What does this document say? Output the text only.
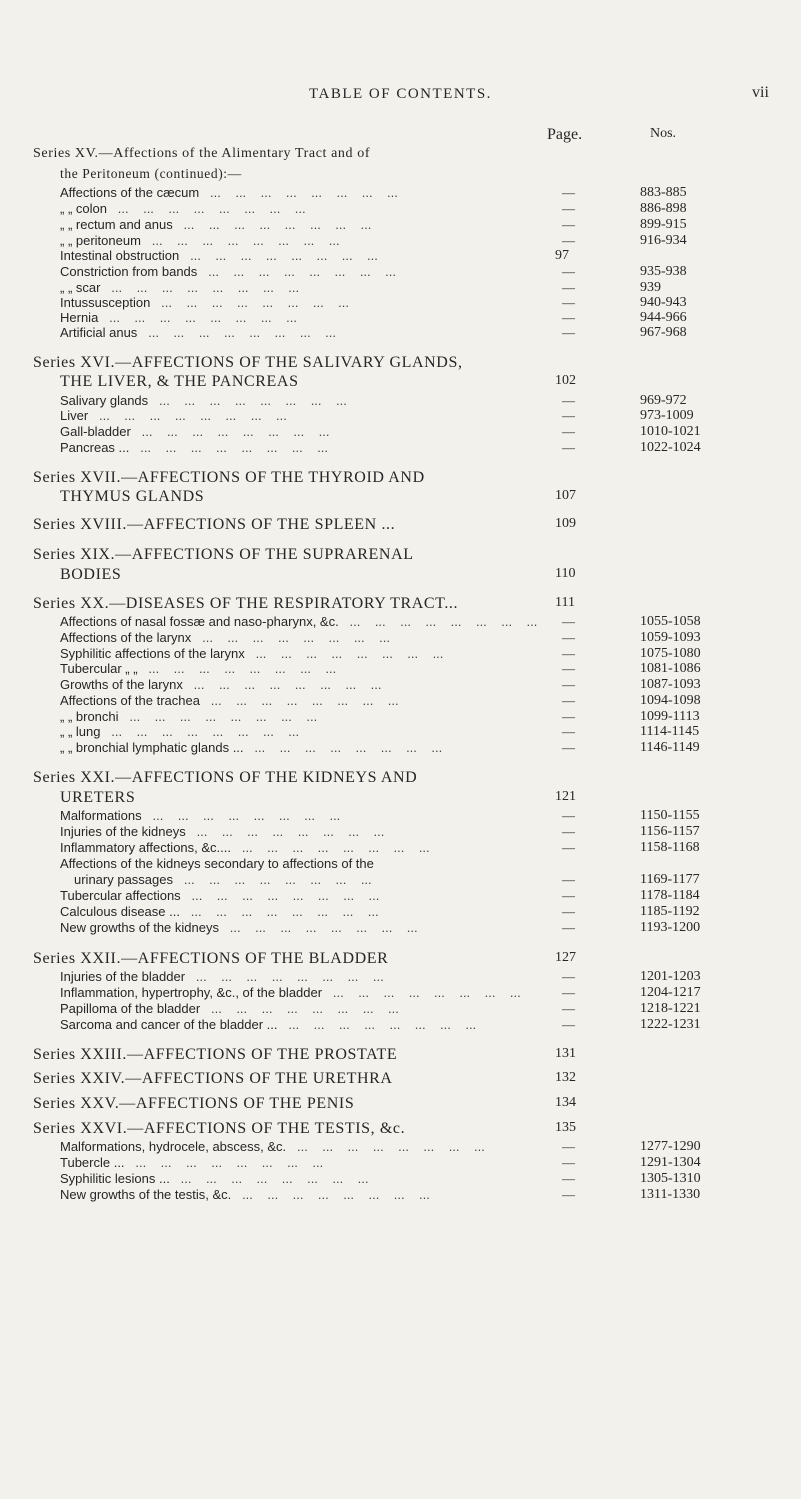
TABLE OF CONTENTS.	vii
Page.	Nos.
Series XV.—Affections of the Alimentary Tract and of
the Peritoneum (continued):—
Affections of the cæcum   ...    ...    ...    ...    ...    ...    ...    ...	—	883-885
„ „ colon   ...    ...    ...    ...    ...    ...    ...    ...	—	886-898
„ „ rectum and anus   ...    ...    ...    ...    ...    ...    ...    ...	—	899-915
„ „ peritoneum   ...    ...    ...    ...    ...    ...    ...    ...	—	916-934
Intestinal obstruction   ...    ...    ...    ...    ...    ...    ...    ...	97
Constriction from bands   ...    ...    ...    ...    ...    ...    ...    ...	—	935-938
„ „ scar   ...    ...    ...    ...    ...    ...    ...    ...	—	939
Intussusception   ...    ...    ...    ...    ...    ...    ...    ...	—	940-943
Hernia   ...    ...    ...    ...    ...    ...    ...    ...	—	944-966
Artificial anus   ...    ...    ...    ...    ...    ...    ...    ...	—	967-968
Series XVI.—AFFECTIONS OF THE SALIVARY GLANDS,
THE LIVER, & THE PANCREAS	102
Salivary glands   ...    ...    ...    ...    ...    ...    ...    ...	—	969-972
Liver   ...    ...    ...    ...    ...    ...    ...    ...	—	973-1009
Gall-bladder   ...    ...    ...    ...    ...    ...    ...    ...	—	1010-1021
Pancreas ...   ...    ...    ...    ...    ...    ...    ...    ...	—	1022-1024
Series XVII.—AFFECTIONS OF THE THYROID AND
THYMUS GLANDS	107
Series XVIII.—AFFECTIONS OF THE SPLEEN ...	109
Series XIX.—AFFECTIONS OF THE SUPRARENAL
BODIES	110
Series XX.—DISEASES OF THE RESPIRATORY TRACT...	111
Affections of nasal fossæ and naso-pharynx, &c.   ...    ...    ...    ...    ...    ...    ...    ...	—	1055-1058
Affections of the larynx   ...    ...    ...    ...    ...    ...    ...    ...	—	1059-1093
Syphilitic affections of the larynx   ...    ...    ...    ...    ...    ...    ...    ...	—	1075-1080
Tubercular „ „   ...    ...    ...    ...    ...    ...    ...    ...	—	1081-1086
Growths of the larynx   ...    ...    ...    ...    ...    ...    ...    ...	—	1087-1093
Affections of the trachea   ...    ...    ...    ...    ...    ...    ...    ...	—	1094-1098
„ „ bronchi   ...    ...    ...    ...    ...    ...    ...    ...	—	1099-1113
„ „ lung   ...    ...    ...    ...    ...    ...    ...    ...	—	1114-1145
„ „ bronchial lymphatic glands ...   ...    ...    ...    ...    ...    ...    ...    ...	—	1146-1149
Series XXI.—AFFECTIONS OF THE KIDNEYS AND
URETERS	121
Malformations   ...    ...    ...    ...    ...    ...    ...    ...	—	1150-1155
Injuries of the kidneys   ...    ...    ...    ...    ...    ...    ...    ...	—	1156-1157
Inflammatory affections, &c....   ...    ...    ...    ...    ...    ...    ...    ...	—	1158-1168
Affections of the kidneys secondary to affections of the
urinary passages   ...    ...    ...    ...    ...    ...    ...    ...	—	1169-1177
Tubercular affections   ...    ...    ...    ...    ...    ...    ...    ...	—	1178-1184
Calculous disease ...   ...    ...    ...    ...    ...    ...    ...    ...	—	1185-1192
New growths of the kidneys   ...    ...    ...    ...    ...    ...    ...    ...	—	1193-1200
Series XXII.—AFFECTIONS OF THE BLADDER	127
Injuries of the bladder   ...    ...    ...    ...    ...    ...    ...    ...	—	1201-1203
Inflammation, hypertrophy, &c., of the bladder   ...    ...    ...    ...    ...    ...    ...    ...	—	1204-1217
Papilloma of the bladder   ...    ...    ...    ...    ...    ...    ...    ...	—	1218-1221
Sarcoma and cancer of the bladder ...   ...    ...    ...    ...    ...    ...    ...    ...	—	1222-1231
Series XXIII.—AFFECTIONS OF THE PROSTATE	131
Series XXIV.—AFFECTIONS OF THE URETHRA	132
Series XXV.—AFFECTIONS OF THE PENIS	134
Series XXVI.—AFFECTIONS OF THE TESTIS, &c.	135
Malformations, hydrocele, abscess, &c.   ...    ...    ...    ...    ...    ...    ...    ...	—	1277-1290
Tubercle ...   ...    ...    ...    ...    ...    ...    ...    ...	—	1291-1304
Syphilitic lesions ...   ...    ...    ...    ...    ...    ...    ...    ...	—	1305-1310
New growths of the testis, &c.   ...    ...    ...    ...    ...    ...    ...    ...	—	1311-1330
